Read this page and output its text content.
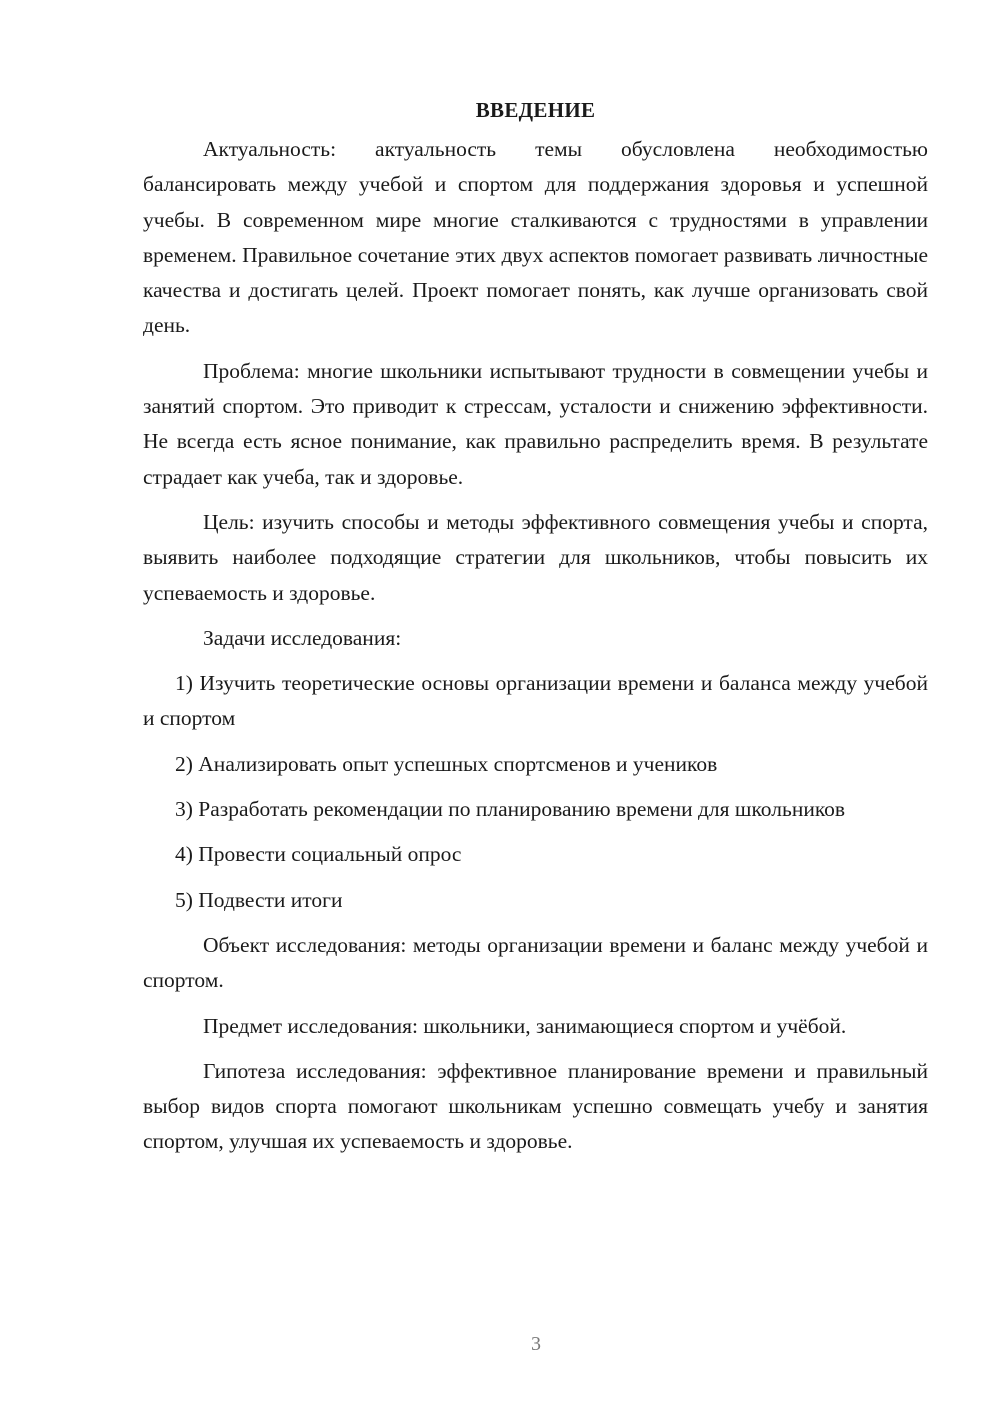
ВВЕДЕНИЕ

Актуальность: актуальность темы обусловлена необходимостью балансировать между учебой и спортом для поддержания здоровья и успешной учебы. В современном мире многие сталкиваются с трудностями в управлении временем. Правильное сочетание этих двух аспектов помогает развивать личностные качества и достигать целей. Проект помогает понять, как лучше организовать свой день.

Проблема: многие школьники испытывают трудности в совмещении учебы и занятий спортом. Это приводит к стрессам, усталости и снижению эффективности. Не всегда есть ясное понимание, как правильно распределить время. В результате страдает как учеба, так и здоровье.

Цель: изучить способы и методы эффективного совмещения учебы и спорта, выявить наиболее подходящие стратегии для школьников, чтобы повысить их успеваемость и здоровье.

Задачи исследования:

1) Изучить теоретические основы организации времени и баланса между учебой и спортом

2) Анализировать опыт успешных спортсменов и учеников

3) Разработать рекомендации по планированию времени для школьников

4) Провести социальный опрос

5) Подвести итоги

Объект исследования: методы организации времени и баланс между учебой и спортом.

Предмет исследования: школьники, занимающиеся спортом и учёбой.

Гипотеза исследования: эффективное планирование времени и правильный выбор видов спорта помогают школьникам успешно совмещать учебу и занятия спортом, улучшая их успеваемость и здоровье.

3
